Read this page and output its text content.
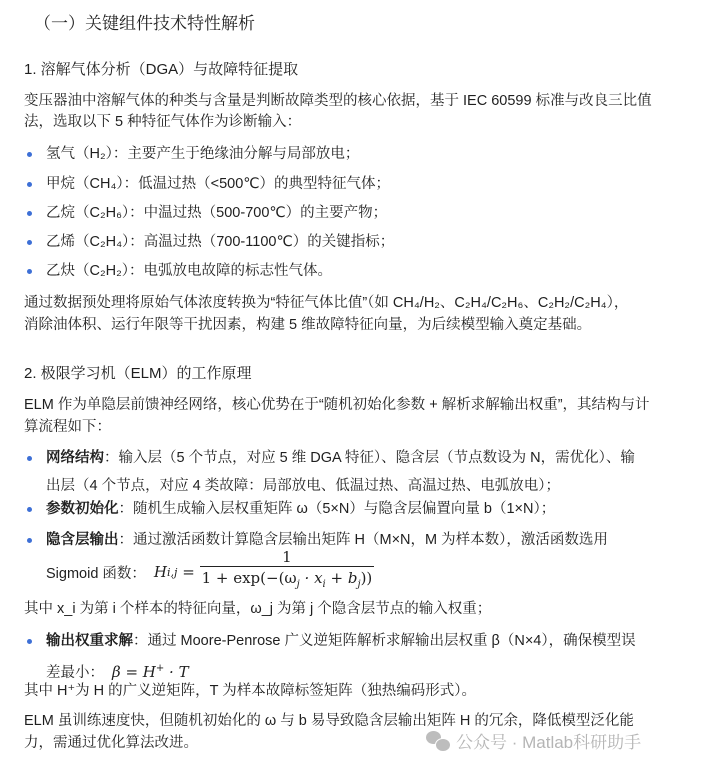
（一）关键组件技术特性解析
1. 溶解气体分析（DGA）与故障特征提取

变压器油中溶解气体的种类与含量是判断故障类型的核心依据，基于 IEC 60599 标准与改良三比值

法，选取以下 5 种特征气体作为诊断输入：

氢气（H₂）：主要产生于绝缘油分解与局部放电；
甲烷（CH₄）：低温过热（<500℃）的典型特征气体；
乙烷（C₂H₆）：中温过热（500-700℃）的主要产物；
乙烯（C₂H₄）：高温过热（700-1100℃）的关键指标；
乙炔（C₂H₂）：电弧放电故障的标志性气体。

通过数据预处理将原始气体浓度转换为“特征气体比值”（如 CH₄/H₂、C₂H₄/C₂H₆、C₂H₂/C₂H₄），

消除油体积、运行年限等干扰因素，构建 5 维故障特征向量，为后续模型输入奠定基础。

2. 极限学习机（ELM）的工作原理

ELM 作为单隐层前馈神经网络，核心优势在于“随机初始化参数 + 解析求解输出权重”，其结构与计

算流程如下：

网络结构：输入层（5 个节点，对应 5 维 DGA 特征）、隐含层（节点数设为 N，需优化）、输
出层（4 个节点，对应 4 类故障：局部放电、低温过热、高温过热、电弧放电）；
参数初始化：随机生成输入层权重矩阵 ω（5×N）与隐含层偏置向量 b（1×N）；
隐含层输出：通过激活函数计算隐含层输出矩阵 H（M×N，M 为样本数），激活函数选用
Sigmoid 函数： H $i,j = \frac{1}{1 + \exp(-(\omega_j \cdot x_i + b_j))}$

其中 x_i 为第 i 个样本的特征向量，ω_j 为第 j 个隐含层节点的输入权重；

输出权重求解：通过 Moore-Penrose 广义逆矩阵解析求解输出层权重 β（N×4），确保模型误
差最小： β = H+ · T

其中 H⁺为 H 的广义逆矩阵，T 为样本故障标签矩阵（独热编码形式）。

ELM 虽训练速度快，但随机初始化的 ω 与 b 易导致隐含层输出矩阵 H 的冗余，降低模型泛化能

力，需通过优化算法改进。	公众号 · Matlab科研助手
